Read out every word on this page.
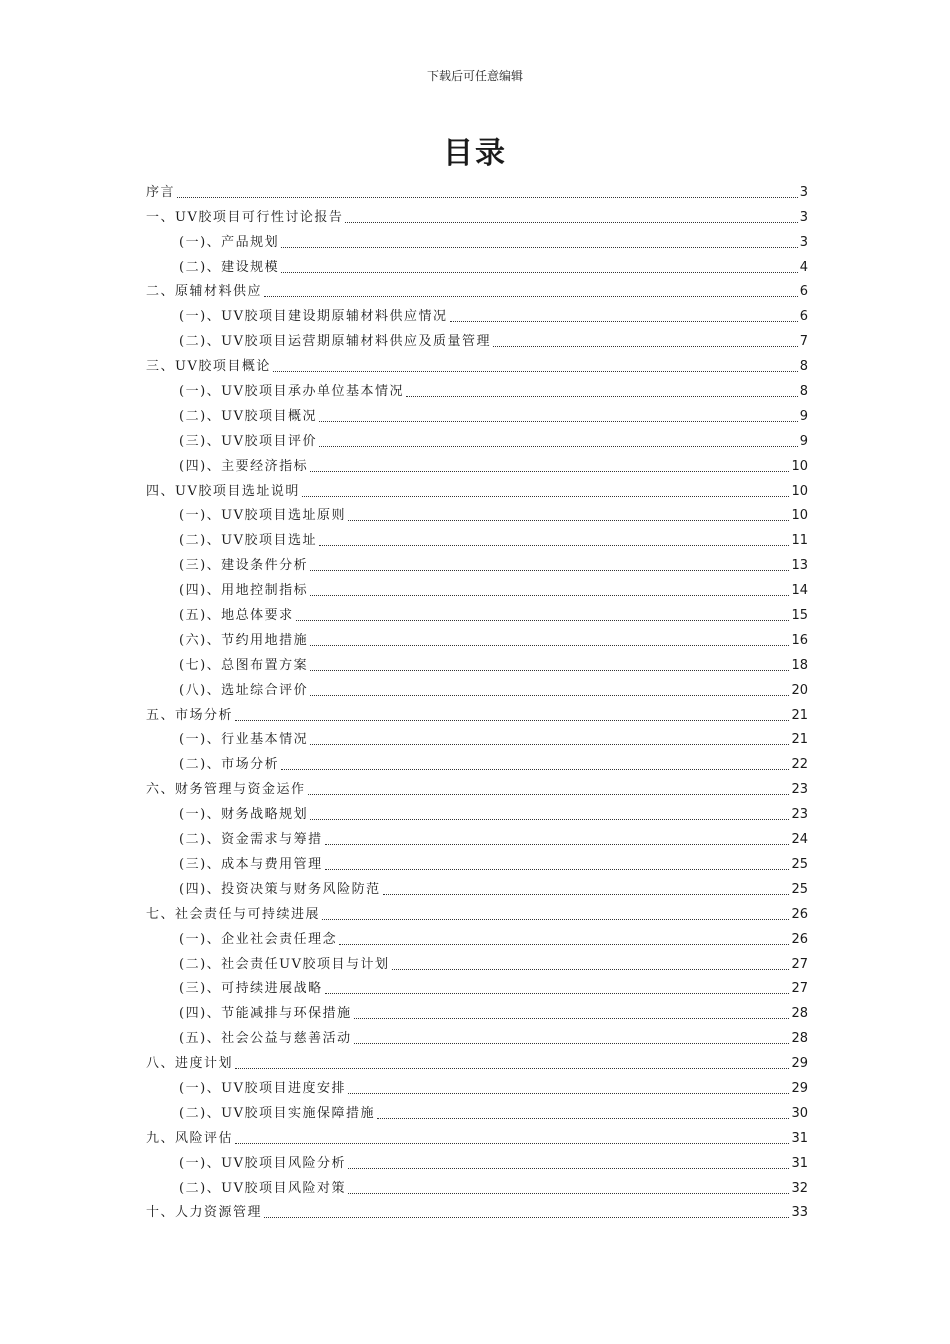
下载后可任意编辑
目录
序言	3
一、UV胶项目可行性讨论报告	3
(一)、产品规划	3
(二)、建设规模	4
二、原辅材料供应	6
(一)、UV胶项目建设期原辅材料供应情况	6
(二)、UV胶项目运营期原辅材料供应及质量管理	7
三、UV胶项目概论	8
(一)、UV胶项目承办单位基本情况	8
(二)、UV胶项目概况	9
(三)、UV胶项目评价	9
(四)、主要经济指标	10
四、UV胶项目选址说明	10
(一)、UV胶项目选址原则	10
(二)、UV胶项目选址	11
(三)、建设条件分析	13
(四)、用地控制指标	14
(五)、地总体要求	15
(六)、节约用地措施	16
(七)、总图布置方案	18
(八)、选址综合评价	20
五、市场分析	21
(一)、行业基本情况	21
(二)、市场分析	22
六、财务管理与资金运作	23
(一)、财务战略规划	23
(二)、资金需求与筹措	24
(三)、成本与费用管理	25
(四)、投资决策与财务风险防范	25
七、社会责任与可持续进展	26
(一)、企业社会责任理念	26
(二)、社会责任UV胶项目与计划	27
(三)、可持续进展战略	27
(四)、节能减排与环保措施	28
(五)、社会公益与慈善活动	28
八、进度计划	29
(一)、UV胶项目进度安排	29
(二)、UV胶项目实施保障措施	30
九、风险评估	31
(一)、UV胶项目风险分析	31
(二)、UV胶项目风险对策	32
十、人力资源管理	33
